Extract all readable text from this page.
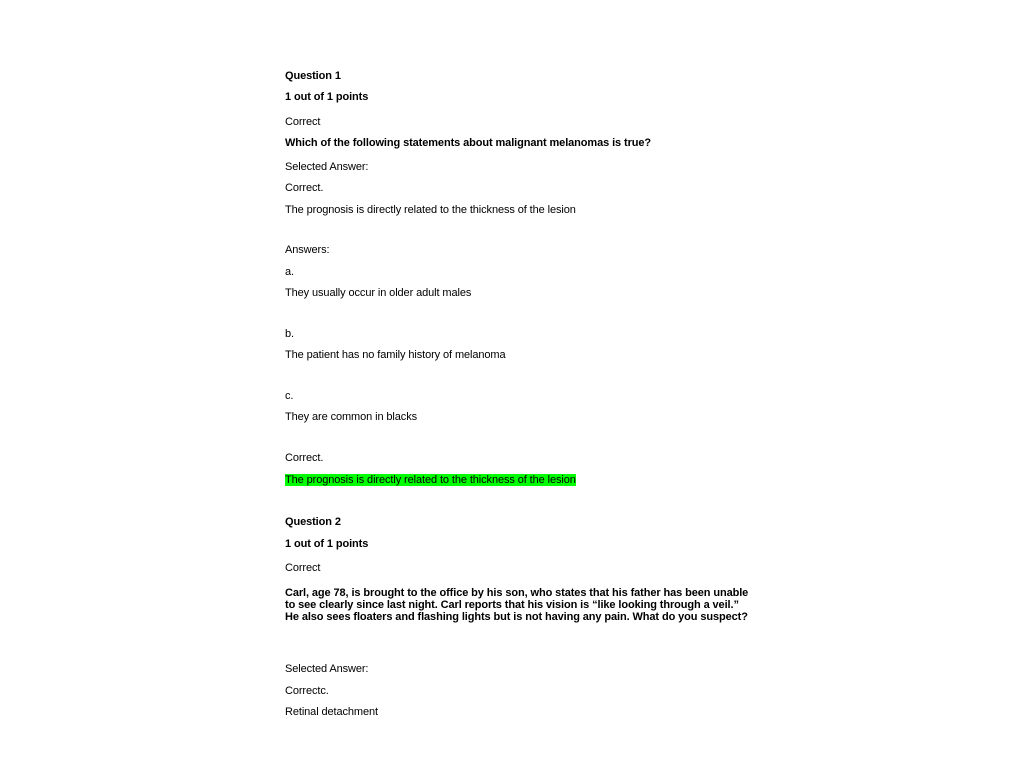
Question 1
1 out of 1 points
Correct
Which of the following statements about malignant melanomas is true?
Selected Answer:
Correct.
The prognosis is directly related to the thickness of the lesion
Answers:
a.
They usually occur in older adult males
b.
The patient has no family history of melanoma
c.
They are common in blacks
Correct.
The prognosis is directly related to the thickness of the lesion
Question 2
1 out of 1 points
Correct
Carl, age 78, is brought to the office by his son, who states that his father has been unable to see clearly since last night. Carl reports that his vision is “like looking through a veil.” He also sees floaters and flashing lights but is not having any pain. What do you suspect?
Selected Answer:
Correctc.
Retinal detachment
